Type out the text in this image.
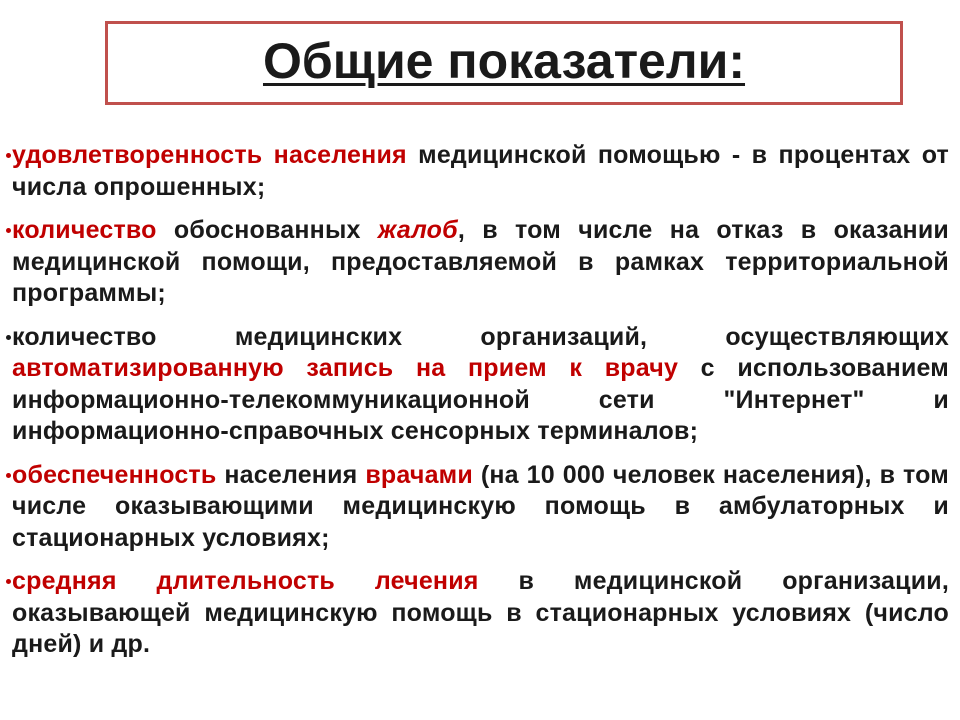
Общие показатели:

удовлетворенность населения медицинской помощью - в процентах от числа опрошенных;

количество обоснованных жалоб, в том числе на отказ в оказании медицинской помощи, предоставляемой в рамках территориальной программы;

количество медицинских организаций, осуществляющих автоматизированную запись на прием к врачу с использованием информационно-телекоммуникационной сети "Интернет" и информационно-справочных сенсорных терминалов;

обеспеченность населения врачами (на 10 000 человек населения), в том числе оказывающими медицинскую помощь в амбулаторных и стационарных условиях;

средняя длительность лечения в медицинской организации, оказывающей медицинскую помощь в стационарных условиях (число дней) и др.
